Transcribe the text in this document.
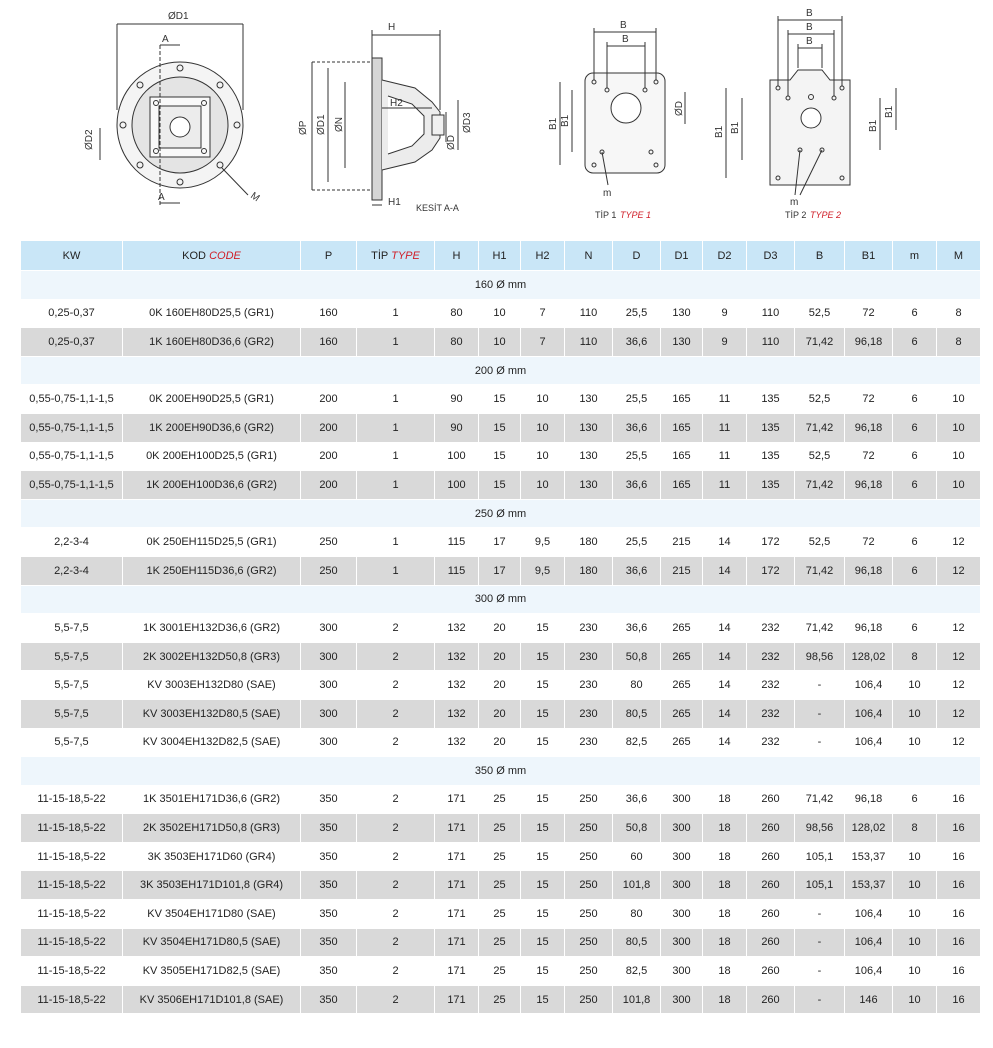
ØD1
ØD2
A
A	M
H
H2
H1
ØP ØD1 ØN
ØD
ØD3
KESİT A-A
B
B
B1 B1
ØD
m
TİP 1 TYPE 1
B
B
B
B1 B1	B1
B1
m
TİP 2 TYPE 2
KW	KOD CODE	P	TİP TYPE	H	H1	H2	N	D	D1	D2	D3	B	B1	m	M
160 Ø mm															
0,25-0,37	0K 160EH80D25,5 (GR1)	160	1	80	10	7	110	25,5	130	9	110	52,5	72	6	8
0,25-0,37	1K 160EH80D36,6 (GR2)	160	1	80	10	7	110	36,6	130	9	110	71,42	96,18	6	8
200 Ø mm															
0,55-0,75-1,1-1,5	0K 200EH90D25,5 (GR1)	200	1	90	15	10	130	25,5	165	11	135	52,5	72	6	10
0,55-0,75-1,1-1,5	1K 200EH90D36,6 (GR2)	200	1	90	15	10	130	36,6	165	11	135	71,42	96,18	6	10
0,55-0,75-1,1-1,5	0K 200EH100D25,5 (GR1)	200	1	100	15	10	130	25,5	165	11	135	52,5	72	6	10
0,55-0,75-1,1-1,5	1K 200EH100D36,6 (GR2)	200	1	100	15	10	130	36,6	165	11	135	71,42	96,18	6	10
250 Ø mm															
2,2-3-4	0K 250EH115D25,5 (GR1)	250	1	115	17	9,5	180	25,5	215	14	172	52,5	72	6	12
2,2-3-4	1K 250EH115D36,6 (GR2)	250	1	115	17	9,5	180	36,6	215	14	172	71,42	96,18	6	12
300 Ø mm															
5,5-7,5	1K 3001EH132D36,6 (GR2)	300	2	132	20	15	230	36,6	265	14	232	71,42	96,18	6	12
5,5-7,5	2K 3002EH132D50,8 (GR3)	300	2	132	20	15	230	50,8	265	14	232	98,56	128,02	8	12
5,5-7,5	KV 3003EH132D80 (SAE)	300	2	132	20	15	230	80	265	14	232	-	106,4	10	12
5,5-7,5	KV 3003EH132D80,5 (SAE)	300	2	132	20	15	230	80,5	265	14	232	-	106,4	10	12
5,5-7,5	KV 3004EH132D82,5 (SAE)	300	2	132	20	15	230	82,5	265	14	232	-	106,4	10	12
350 Ø mm															
11-15-18,5-22	1K 3501EH171D36,6 (GR2)	350	2	171	25	15	250	36,6	300	18	260	71,42	96,18	6	16
11-15-18,5-22	2K 3502EH171D50,8 (GR3)	350	2	171	25	15	250	50,8	300	18	260	98,56	128,02	8	16
11-15-18,5-22	3K 3503EH171D60 (GR4)	350	2	171	25	15	250	60	300	18	260	105,1	153,37	10	16
11-15-18,5-22	3K 3503EH171D101,8 (GR4)	350	2	171	25	15	250	101,8	300	18	260	105,1	153,37	10	16
11-15-18,5-22	KV 3504EH171D80 (SAE)	350	2	171	25	15	250	80	300	18	260	-	106,4	10	16
11-15-18,5-22	KV 3504EH171D80,5 (SAE)	350	2	171	25	15	250	80,5	300	18	260	-	106,4	10	16
11-15-18,5-22	KV 3505EH171D82,5 (SAE)	350	2	171	25	15	250	82,5	300	18	260	-	106,4	10	16
11-15-18,5-22	KV 3506EH171D101,8 (SAE)	350	2	171	25	15	250	101,8	300	18	260	-	146	10	16
